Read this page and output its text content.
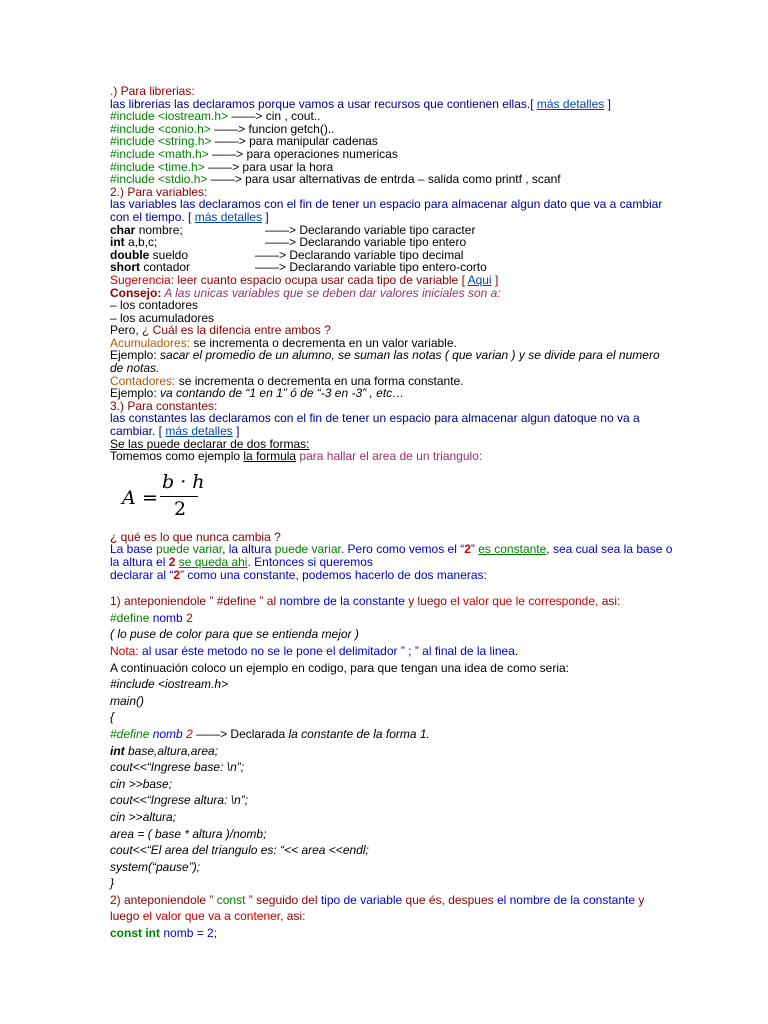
.) Para librerias:
las librerias las declaramos porque vamos a usar recursos que contienen ellas.[ más detalles ]
#include <iostream.h> ——> cin , cout..
#include <conio.h> ——> funcion getch()..
#include <string.h> ——> para manipular cadenas
#include <math.h> ——> para operaciones numericas
#include <time.h> ——> para usar la hora
#include <stdio.h> ——> para usar alternativas de entrda – salida como printf , scanf
2.) Para variables:
las variables las declaramos con el fin de tener un espacio para almacenar algun dato que va a cambiar
con el tiempo. [ más detalles ]
char nombre;	——> Declarando variable tipo caracter
int a,b,c;	——> Declarando variable tipo entero
double sueldo	——> Declarando variable tipo decimal
short contador	——> Declarando variable tipo entero-corto
Sugerencia: leer cuanto espacio ocupa usar cada tipo de variable [ Aqui ]
Consejo: A las unicas variables que se deben dar valores iniciales son a:
– los contadores
– los acumuladores
Pero, ¿ Cuál es la difencia entre ambos ?
Acumuladores: se incrementa o decrementa en un valor variable.
Ejemplo: sacar el promedio de un alumno, se suman las notas ( que varian ) y se divide para el numero
de notas.
Contadores: se incrementa o decrementa en una forma constante.
Ejemplo: va contando de “1 en 1” ó de “-3 en -3” , etc…
3.) Para constantes:
las constantes las declaramos con el fin de tener un espacio para almacenar algun datoque no va a
cambiar. [ más detalles ]
Se las puede declarar de dos formas:
Tomemos como ejemplo la formula para hallar el area de un triangulo:
A =
b · h
2
¿ qué es lo que nunca cambia ?
La base puede variar, la altura puede variar. Pero como vemos el “2” es constante, sea cual sea la base o
la altura el 2 se queda ahi. Entonces si queremos
declarar al “2” como una constante, podemos hacerlo de dos maneras:
1) anteponiendole ” #define ” al nombre de la constante y luego el valor que le corresponde, asi:
#define nomb 2
( lo puse de color para que se entienda mejor )
Nota: al usar éste metodo no se le pone el delimitador ” ; ” al final de la linea.
A continuación coloco un ejemplo en codigo, para que tengan una idea de como seria:
#include <iostream.h>
main()
{
#define nomb 2 ——> Declarada la constante de la forma 1.
int base,altura,area;
cout<<“Ingrese base: \n”;
cin >>base;
cout<<“Ingrese altura: \n”;
cin >>altura;
area = ( base * altura )/nomb;
cout<<“El area del triangulo es: “<< area <<endl;
system(“pause”);
}
2) anteponiendole ” const ” seguido del tipo de variable que és, despues el nombre de la constante y
luego el valor que va a contener, asi:
const int nomb = 2;
